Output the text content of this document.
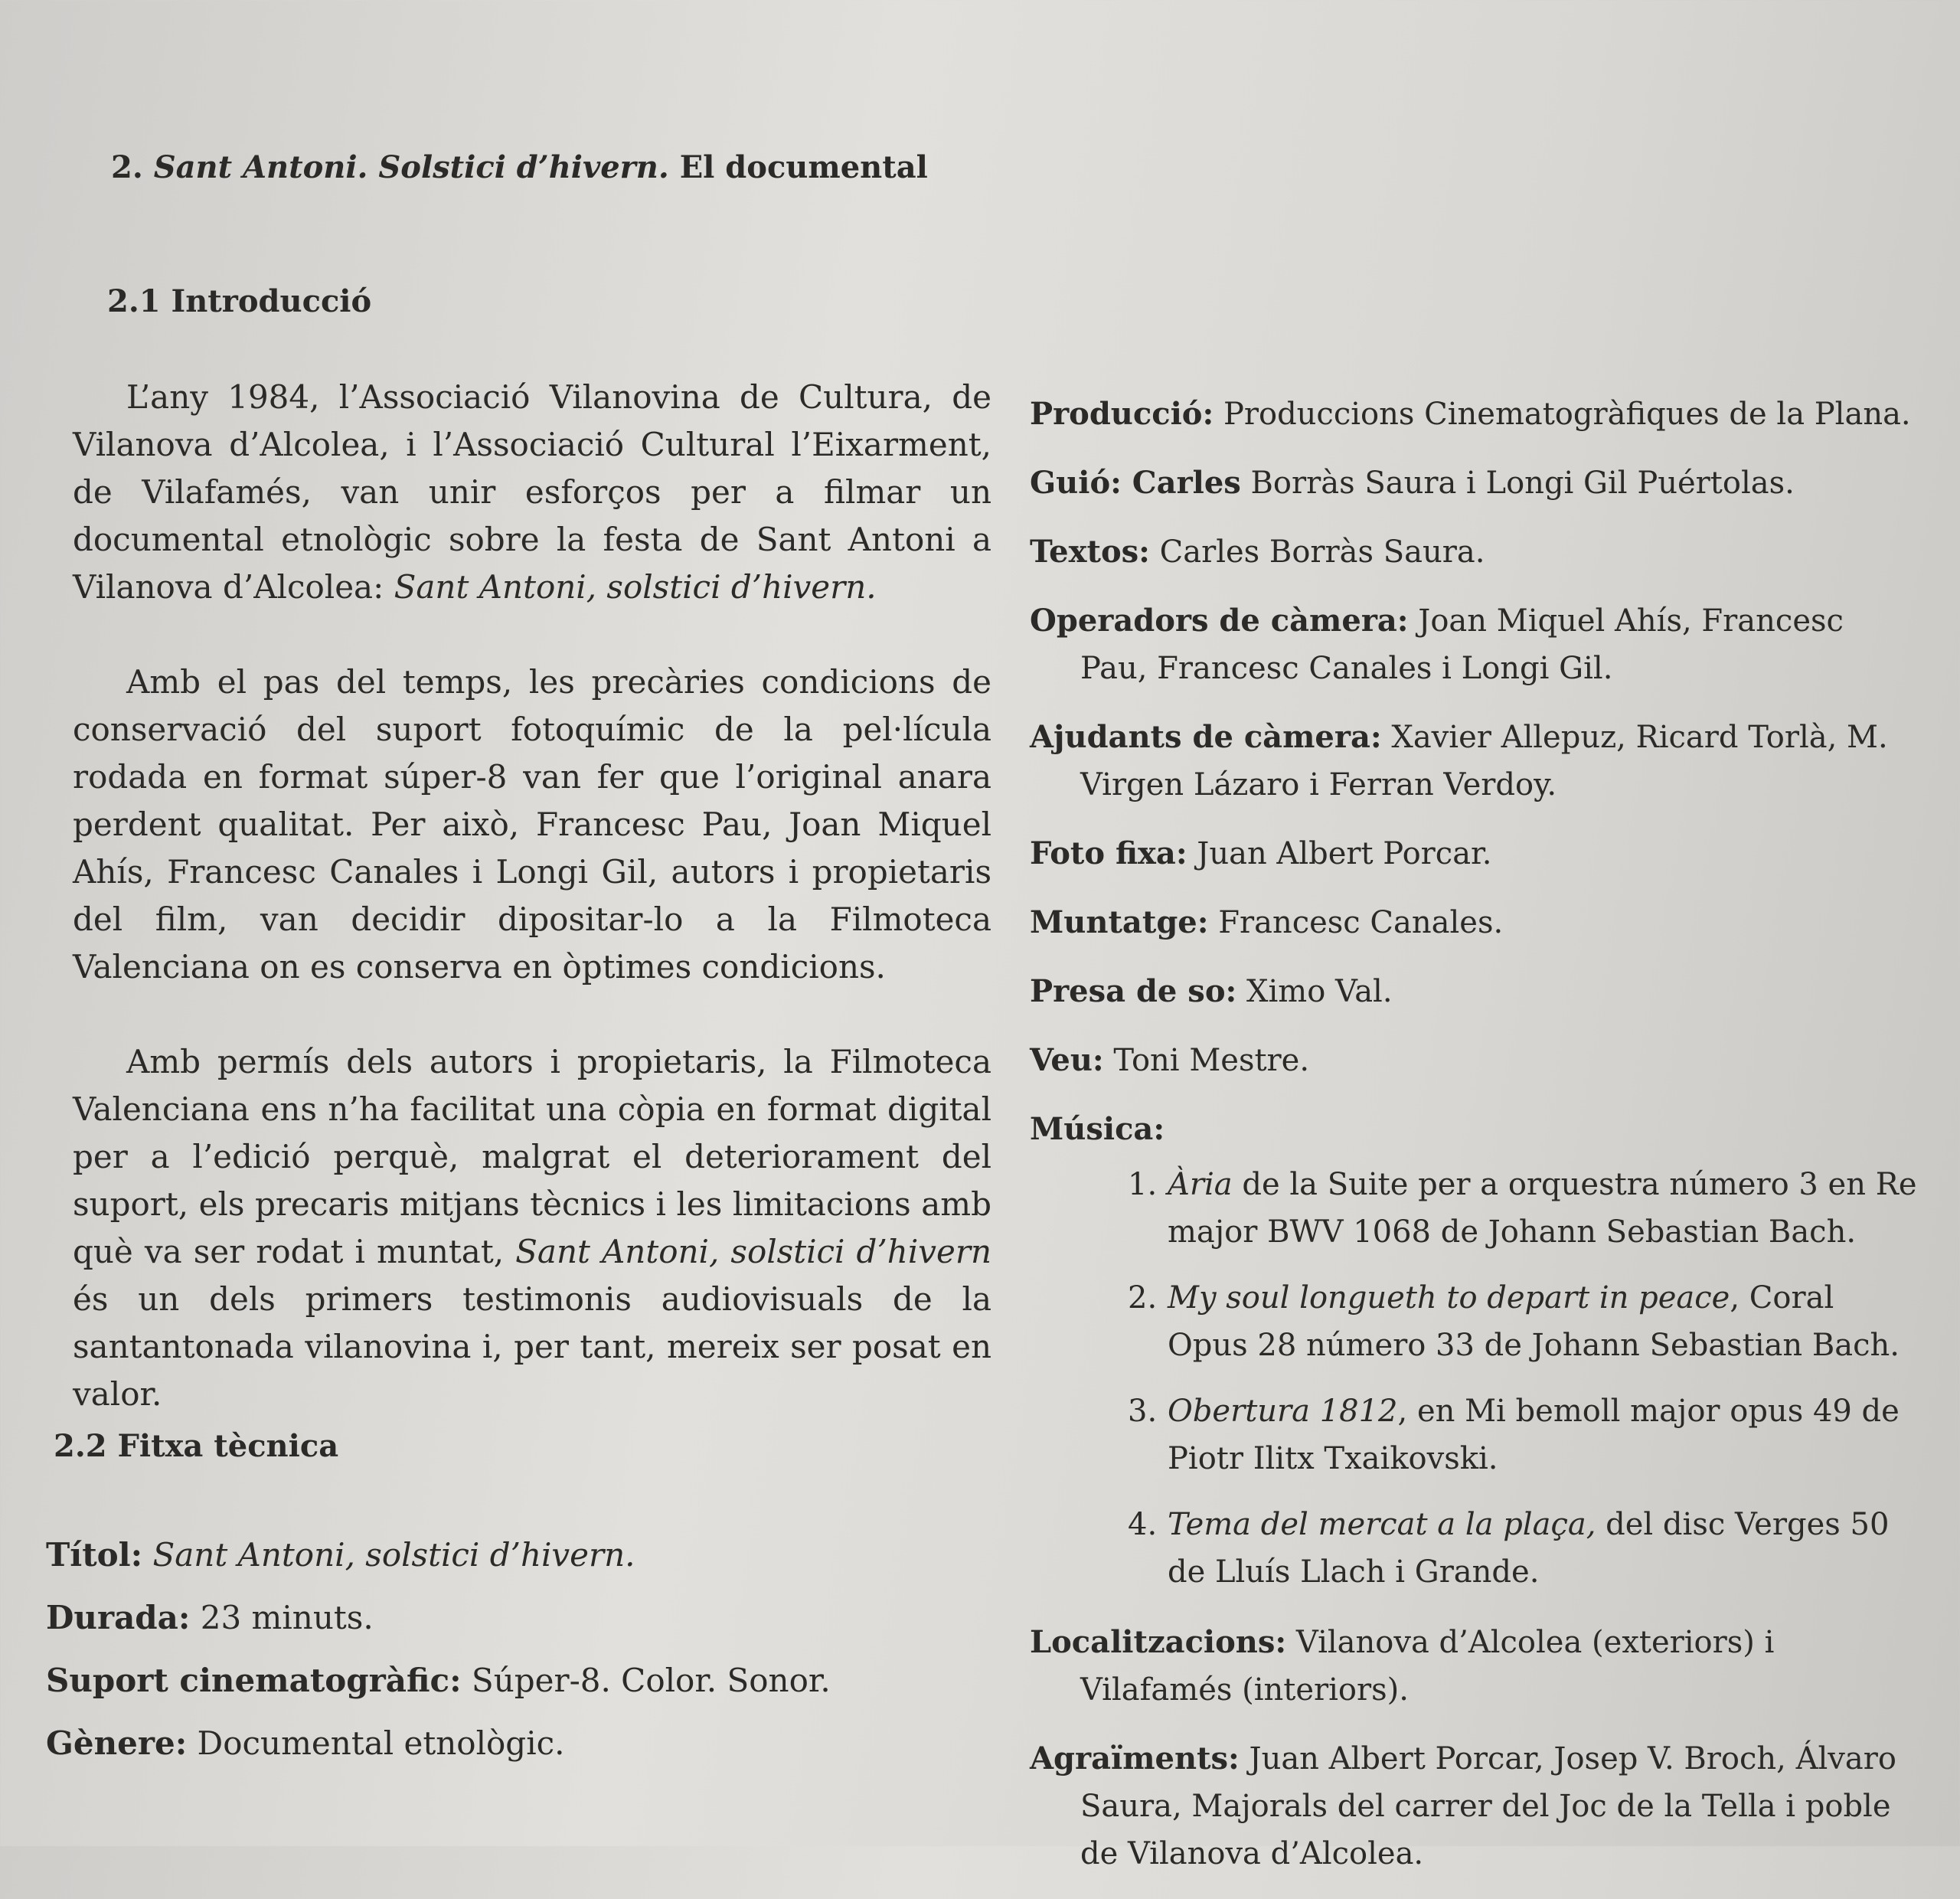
2. Sant Antoni. Solstici d’hivern. El documental
2.1 Introducció

L’any 1984, l’Associació Vilanovina de Cultura, de Vilanova d’Alcolea, i l’Associació Cultural l’Eixarment, de Vilafamés, van unir esforços per a filmar un documental etnològic sobre la festa de Sant Antoni a Vilanova d’Alcolea: Sant Antoni, solstici d’hivern.

Amb el pas del temps, les precàries condicions de conservació del suport fotoquímic de la pel·lícula rodada en format súper-8 van fer que l’original anara perdent qualitat. Per això, Francesc Pau, Joan Miquel Ahís, Francesc Canales i Longi Gil, autors i propietaris del film, van decidir dipositar-lo a la Filmoteca Valenciana on es conserva en òptimes condicions.

Amb permís dels autors i propietaris, la Filmoteca Valenciana ens n’ha facilitat una còpia en format digital per a l’edició perquè, malgrat el deteriorament del suport, els precaris mitjans tècnics i les limitacions amb què va ser rodat i muntat, Sant Antoni, solstici d’hivern és un dels primers testimonis audiovisuals de la santantonada vilanovina i, per tant, mereix ser posat en valor.

2.2 Fitxa tècnica
Títol: Sant Antoni, solstici d’hivern.
Durada: 23 minuts.
Suport cinematogràfic: Súper-8. Color. Sonor.
Gènere: Documental etnològic.

Producció: Produccions Cinematogràfiques de la Plana.

Guió: Carles Borràs Saura i Longi Gil Puértolas.

Textos: Carles Borràs Saura.

Operadors de càmera: Joan Miquel Ahís, Francesc Pau, Francesc Canales i Longi Gil.

Ajudants de càmera: Xavier Allepuz, Ricard Torlà, M. Virgen Lázaro i Ferran Verdoy.

Foto fixa: Juan Albert Porcar.

Muntatge: Francesc Canales.

Presa de so: Ximo Val.

Veu: Toni Mestre.

Música:

1. Ària de la Suite per a orquestra número 3 en Re major BWV 1068 de Johann Sebastian Bach.
2. My soul longueth to depart in peace, Coral Opus 28 número 33 de Johann Sebastian Bach.
3. Obertura 1812, en Mi bemoll major opus 49 de Piotr Ilitx Txaikovski.
4. Tema del mercat a la plaça, del disc Verges 50 de Lluís Llach i Grande.

Localitzacions: Vilanova d’Alcolea (exteriors) i Vilafamés (interiors).

Agraïments: Juan Albert Porcar, Josep V. Broch, Álvaro Saura, Majorals del carrer del Joc de la Tella i poble de Vilanova d’Alcolea.
